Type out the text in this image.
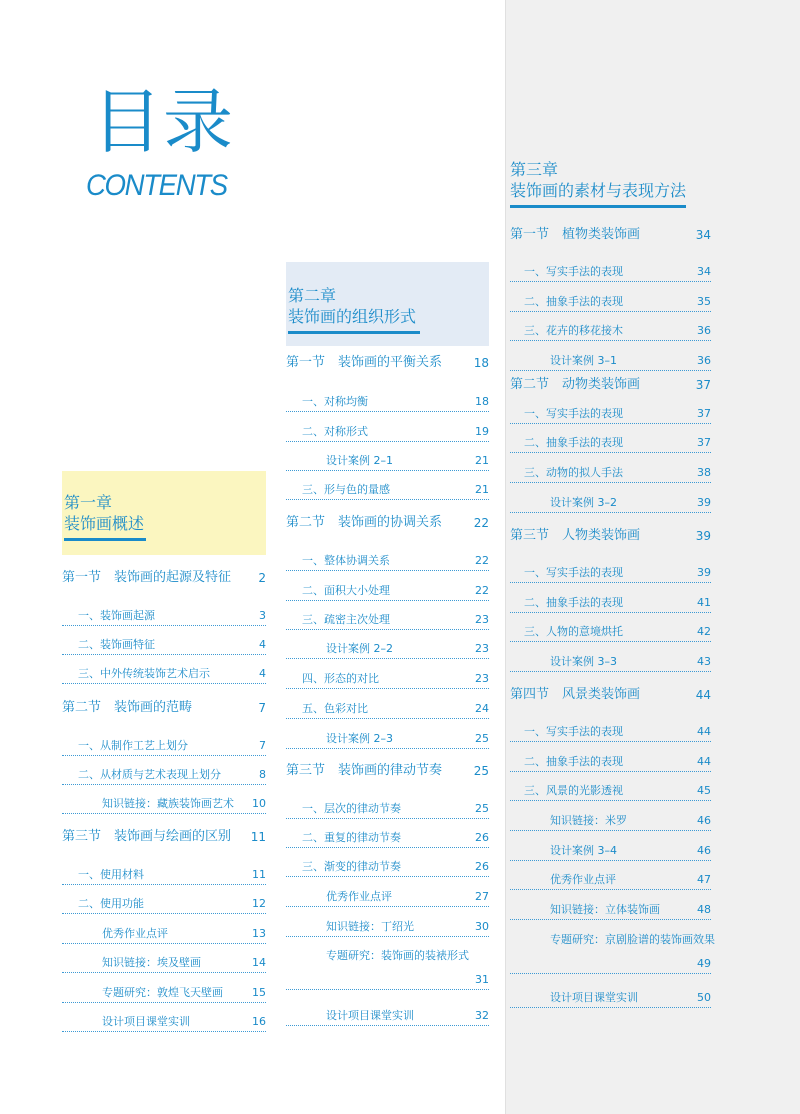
目录
CONTENTS
第一章
装饰画概述
第一节　装饰画的起源及特征 2
一、装饰画起源	3
二、装饰画特征	4
三、中外传统装饰艺术启示	4
第二节　装饰画的范畴	7
一、从制作工艺上划分	7
二、从材质与艺术表现上划分	8
知识链接：藏族装饰画艺术 10
第三节　装饰画与绘画的区别 11
一、使用材料	11
二、使用功能	12
优秀作业点评	13
知识链接：埃及壁画	14
专题研究：敦煌飞天壁画	15
设计项目课堂实训	16
第二章
装饰画的组织形式
第一节　装饰画的平衡关系	18
一、对称均衡	18
二、对称形式	19
设计案例 2–1	21
三、形与色的量感	21
第二节　装饰画的协调关系	22
一、整体协调关系	22
二、面积大小处理	22
三、疏密主次处理	23
设计案例 2–2	23
四、形态的对比	23
五、色彩对比	24
设计案例 2–3	25
第三节　装饰画的律动节奏	25
一、层次的律动节奏	25
二、重复的律动节奏	26
三、渐变的律动节奏	26
优秀作业点评	27
知识链接：丁绍光	30
专题研究：装饰画的装裱形式
31
设计项目课堂实训	32
第三章
装饰画的素材与表现方法
第一节　植物类装饰画	34
一、写实手法的表现	34
二、抽象手法的表现	35
三、花卉的移花接木	36
设计案例 3–1	36
第二节　动物类装饰画	37
一、写实手法的表现	37
二、抽象手法的表现	37
三、动物的拟人手法	38
设计案例 3–2	39
第三节　人物类装饰画	39
一、写实手法的表现	39
二、抽象手法的表现	41
三、人物的意境烘托	42
设计案例 3–3	43
第四节　风景类装饰画	44
一、写实手法的表现	44
二、抽象手法的表现	44
三、风景的光影透视	45
知识链接：米罗	46
设计案例 3–4	46
优秀作业点评	47
知识链接：立体装饰画	48
专题研究：京剧脸谱的装饰画效果
49
设计项目课堂实训	50
